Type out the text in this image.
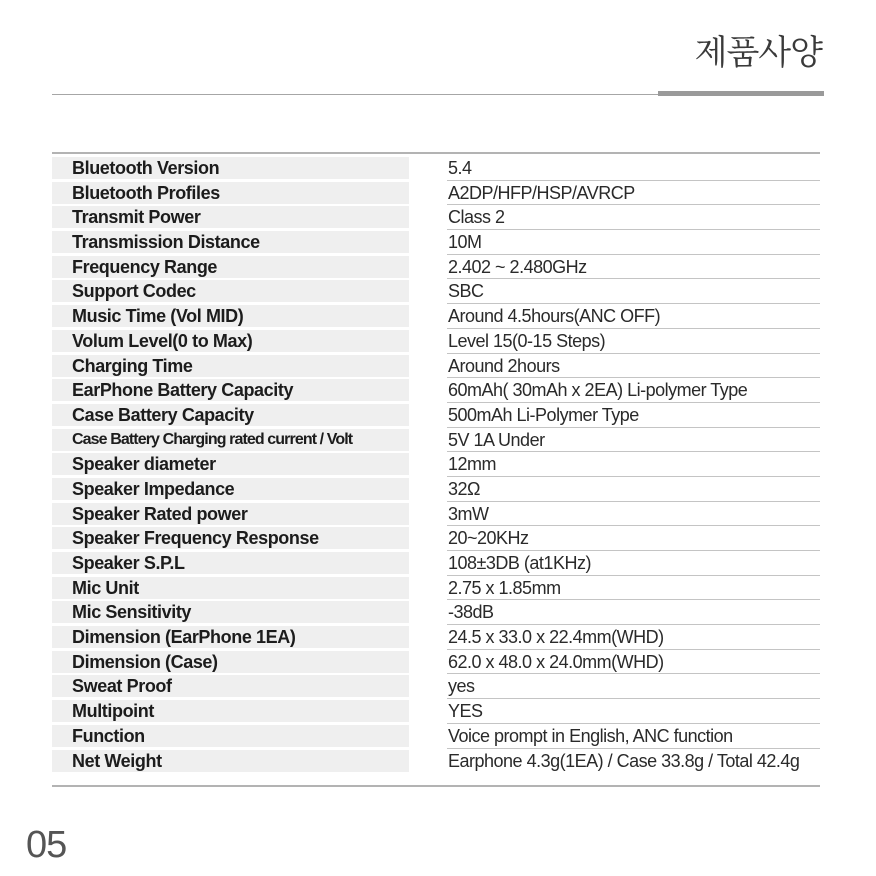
제품사양
Bluetooth Version	5.4
Bluetooth Profiles	A2DP/HFP/HSP/AVRCP
Transmit Power	Class 2
Transmission Distance	10M
Frequency Range	2.402 ~ 2.480GHz
Support Codec	SBC
Music Time (Vol MID)	Around 4.5hours(ANC OFF)
Volum Level(0 to Max)	Level 15(0-15 Steps)
Charging Time	Around 2hours
EarPhone Battery Capacity	60mAh( 30mAh x 2EA) Li-polymer Type
Case Battery Capacity	500mAh Li-Polymer Type
Case Battery Charging rated current / Volt	5V 1A Under
Speaker diameter	12mm
Speaker Impedance	32Ω
Speaker Rated power	3mW
Speaker Frequency Response	20~20KHz
Speaker S.P.L	108±3DB (at1KHz)
Mic Unit	2.75 x 1.85mm
Mic Sensitivity	-38dB
Dimension (EarPhone 1EA)	24.5 x 33.0 x 22.4mm(WHD)
Dimension (Case)	62.0 x 48.0 x 24.0mm(WHD)
Sweat Proof	yes
Multipoint	YES
Function	Voice prompt in English, ANC function
Net Weight	Earphone 4.3g(1EA) / Case 33.8g / Total 42.4g
05
